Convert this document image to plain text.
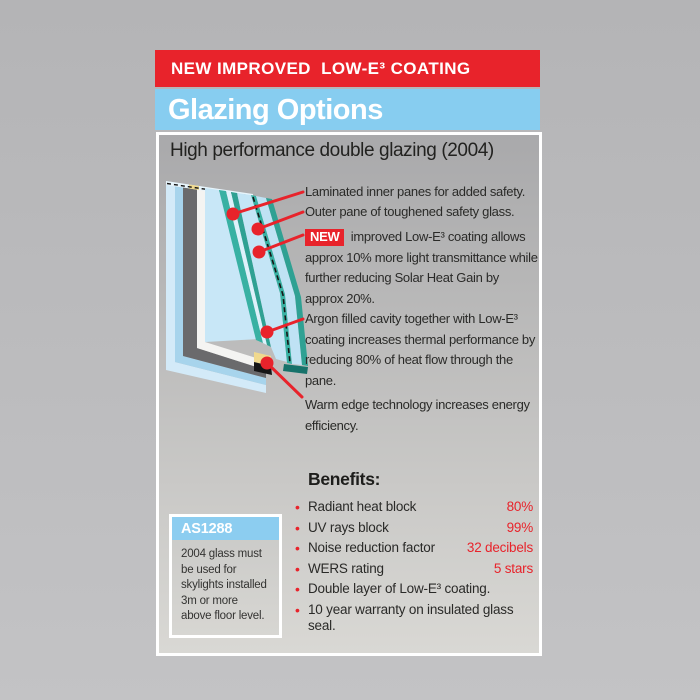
NEW IMPROVED  LOW-E³ COATING
Glazing Options
High performance double glazing (2004)

Laminated inner panes for added safety.

Outer pane of toughened safety glass.

NEW improved Low-E³ coating allows approx 10% more light transmittance while further reducing Solar Heat Gain by approx 20%.

Argon filled cavity together with Low-E³ coating increases thermal performance by reducing 80% of heat flow through the pane.

Warm edge technology increases energy efficiency.

Benefits:
• Radiant heat block	80%
• UV rays block	99%
• Noise reduction factor	32 decibels
• WERS rating	5 stars
• Double layer of Low-E³ coating.
• 10 year warranty on insulated glass seal.
AS1288
2004 glass must be used for skylights installed 3m or more above floor level.
